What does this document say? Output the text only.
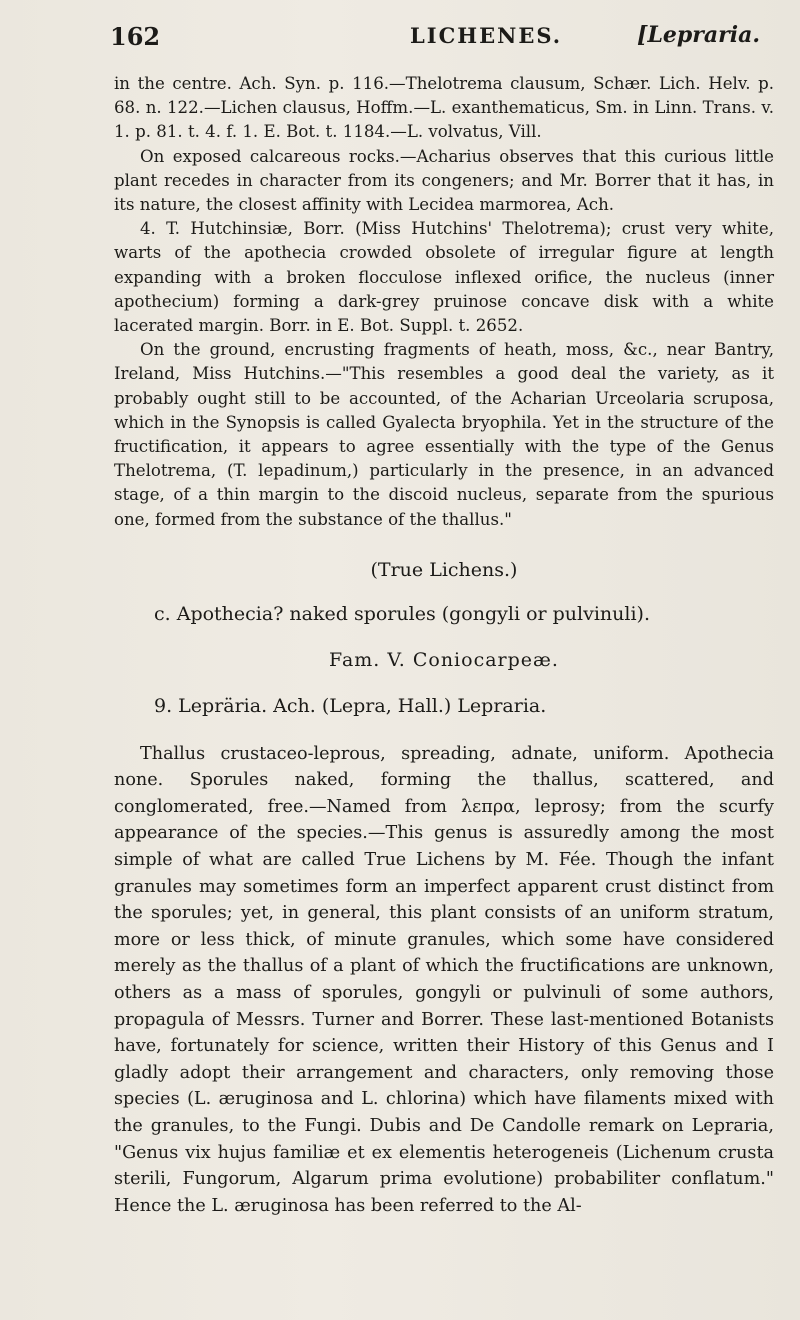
162	LICHENES.	[Lepraria.

in the centre. Ach. Syn. p. 116.—Thelotrema clausum, Schær. Lich. Helv. p. 68. n. 122.—Lichen clausus, Hoffm.—L. exanthematicus, Sm. in Linn. Trans. v. 1. p. 81. t. 4. f. 1. E. Bot. t. 1184.—L. volvatus, Vill.

On exposed calcareous rocks.—Acharius observes that this curious little plant recedes in character from its congeners; and Mr. Borrer that it has, in its nature, the closest affinity with Lecidea marmorea, Ach.

4. T. Hutchinsiæ, Borr. (Miss Hutchins' Thelotrema); crust very white, warts of the apothecia crowded obsolete of irregular figure at length expanding with a broken flocculose inflexed orifice, the nucleus (inner apothecium) forming a dark-grey pruinose concave disk with a white lacerated margin. Borr. in E. Bot. Suppl. t. 2652.

On the ground, encrusting fragments of heath, moss, &c., near Bantry, Ireland, Miss Hutchins.—"This resembles a good deal the variety, as it probably ought still to be accounted, of the Acharian Urceolaria scruposa, which in the Synopsis is called Gyalecta bryophila. Yet in the structure of the fructification, it appears to agree essentially with the type of the Genus Thelotrema, (T. lepadinum,) particularly in the presence, in an advanced stage, of a thin margin to the discoid nucleus, separate from the spurious one, formed from the substance of the thallus."

(True Lichens.)

c. Apothecia? naked sporules (gongyli or pulvinuli).

Fam. V. Coniocarpeæ.

9. Lepräria. Ach. (Lepra, Hall.) Lepraria.

Thallus crustaceo-leprous, spreading, adnate, uniform. Apothecia none. Sporules naked, forming the thallus, scattered, and conglomerated, free.—Named from λεπρα, leprosy; from the scurfy appearance of the species.—This genus is assuredly among the most simple of what are called True Lichens by M. Fée. Though the infant granules may sometimes form an imperfect apparent crust distinct from the sporules; yet, in general, this plant consists of an uniform stratum, more or less thick, of minute granules, which some have considered merely as the thallus of a plant of which the fructifications are unknown, others as a mass of sporules, gongyli or pulvinuli of some authors, propagula of Messrs. Turner and Borrer. These last-mentioned Botanists have, fortunately for science, written their History of this Genus and I gladly adopt their arrangement and characters, only removing those species (L. æruginosa and L. chlorina) which have filaments mixed with the granules, to the Fungi. Dubis and De Candolle remark on Lepraria, "Genus vix hujus familiæ et ex elementis heterogeneis (Lichenum crusta sterili, Fungorum, Algarum prima evolutione) probabiliter conflatum." Hence the L. æruginosa has been referred to the Al-
